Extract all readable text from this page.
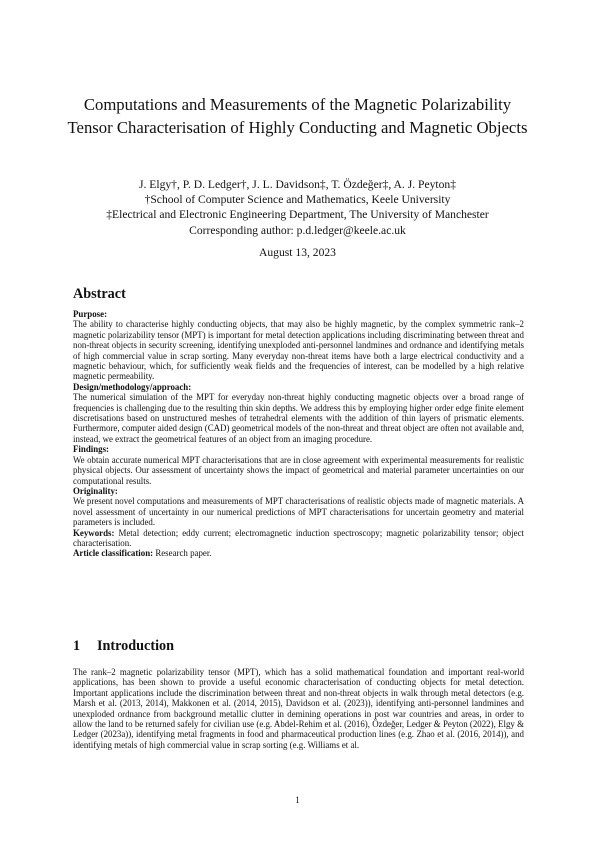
Computations and Measurements of the Magnetic Polarizability Tensor Characterisation of Highly Conducting and Magnetic Objects
J. Elgy†, P. D. Ledger†, J. L. Davidson‡, T. Özdeğer‡, A. J. Peyton‡
†School of Computer Science and Mathematics, Keele University
‡Electrical and Electronic Engineering Department, The University of Manchester
Corresponding author: p.d.ledger@keele.ac.uk
August 13, 2023
Abstract

Purpose:

The ability to characterise highly conducting objects, that may also be highly magnetic, by the complex symmetric rank–2 magnetic polarizability tensor (MPT) is important for metal detection applications including discriminating between threat and non-threat objects in security screening, identifying unexploded anti-personnel landmines and ordnance and identifying metals of high commercial value in scrap sorting. Many everyday non-threat items have both a large electrical conductivity and a magnetic behaviour, which, for sufficiently weak fields and the frequencies of interest, can be modelled by a high relative magnetic permeability.

Design/methodology/approach:

The numerical simulation of the MPT for everyday non-threat highly conducting magnetic objects over a broad range of frequencies is challenging due to the resulting thin skin depths. We address this by employing higher order edge finite element discretisations based on unstructured meshes of tetrahedral elements with the addition of thin layers of prismatic elements. Furthermore, computer aided design (CAD) geometrical models of the non-threat and threat object are often not available and, instead, we extract the geometrical features of an object from an imaging procedure.

Findings:

We obtain accurate numerical MPT characterisations that are in close agreement with experimental measurements for realistic physical objects. Our assessment of uncertainty shows the impact of geometrical and material parameter uncertainties on our computational results.

Originality:

We present novel computations and measurements of MPT characterisations of realistic objects made of magnetic materials. A novel assessment of uncertainty in our numerical predictions of MPT characterisations for uncertain geometry and material parameters is included.

Keywords: Metal detection; eddy current; electromagnetic induction spectroscopy; magnetic polarizability tensor; object characterisation.

Article classification: Research paper.

1 Introduction

The rank–2 magnetic polarizability tensor (MPT), which has a solid mathematical foundation and important real-world applications, has been shown to provide a useful economic characterisation of conducting objects for metal detection. Important applications include the discrimination between threat and non-threat objects in walk through metal detectors (e.g. Marsh et al. (2013, 2014), Makkonen et al. (2014, 2015), Davidson et al. (2023)), identifying anti-personnel landmines and unexploded ordnance from background metallic clutter in demining operations in post war countries and areas, in order to allow the land to be returned safely for civilian use (e.g. Abdel-Rehim et al. (2016), Özdeğer, Ledger & Peyton (2022), Elgy & Ledger (2023a)), identifying metal fragments in food and pharmaceutical production lines (e.g. Zhao et al. (2016, 2014)), and identifying metals of high commercial value in scrap sorting (e.g. Williams et al.

1
